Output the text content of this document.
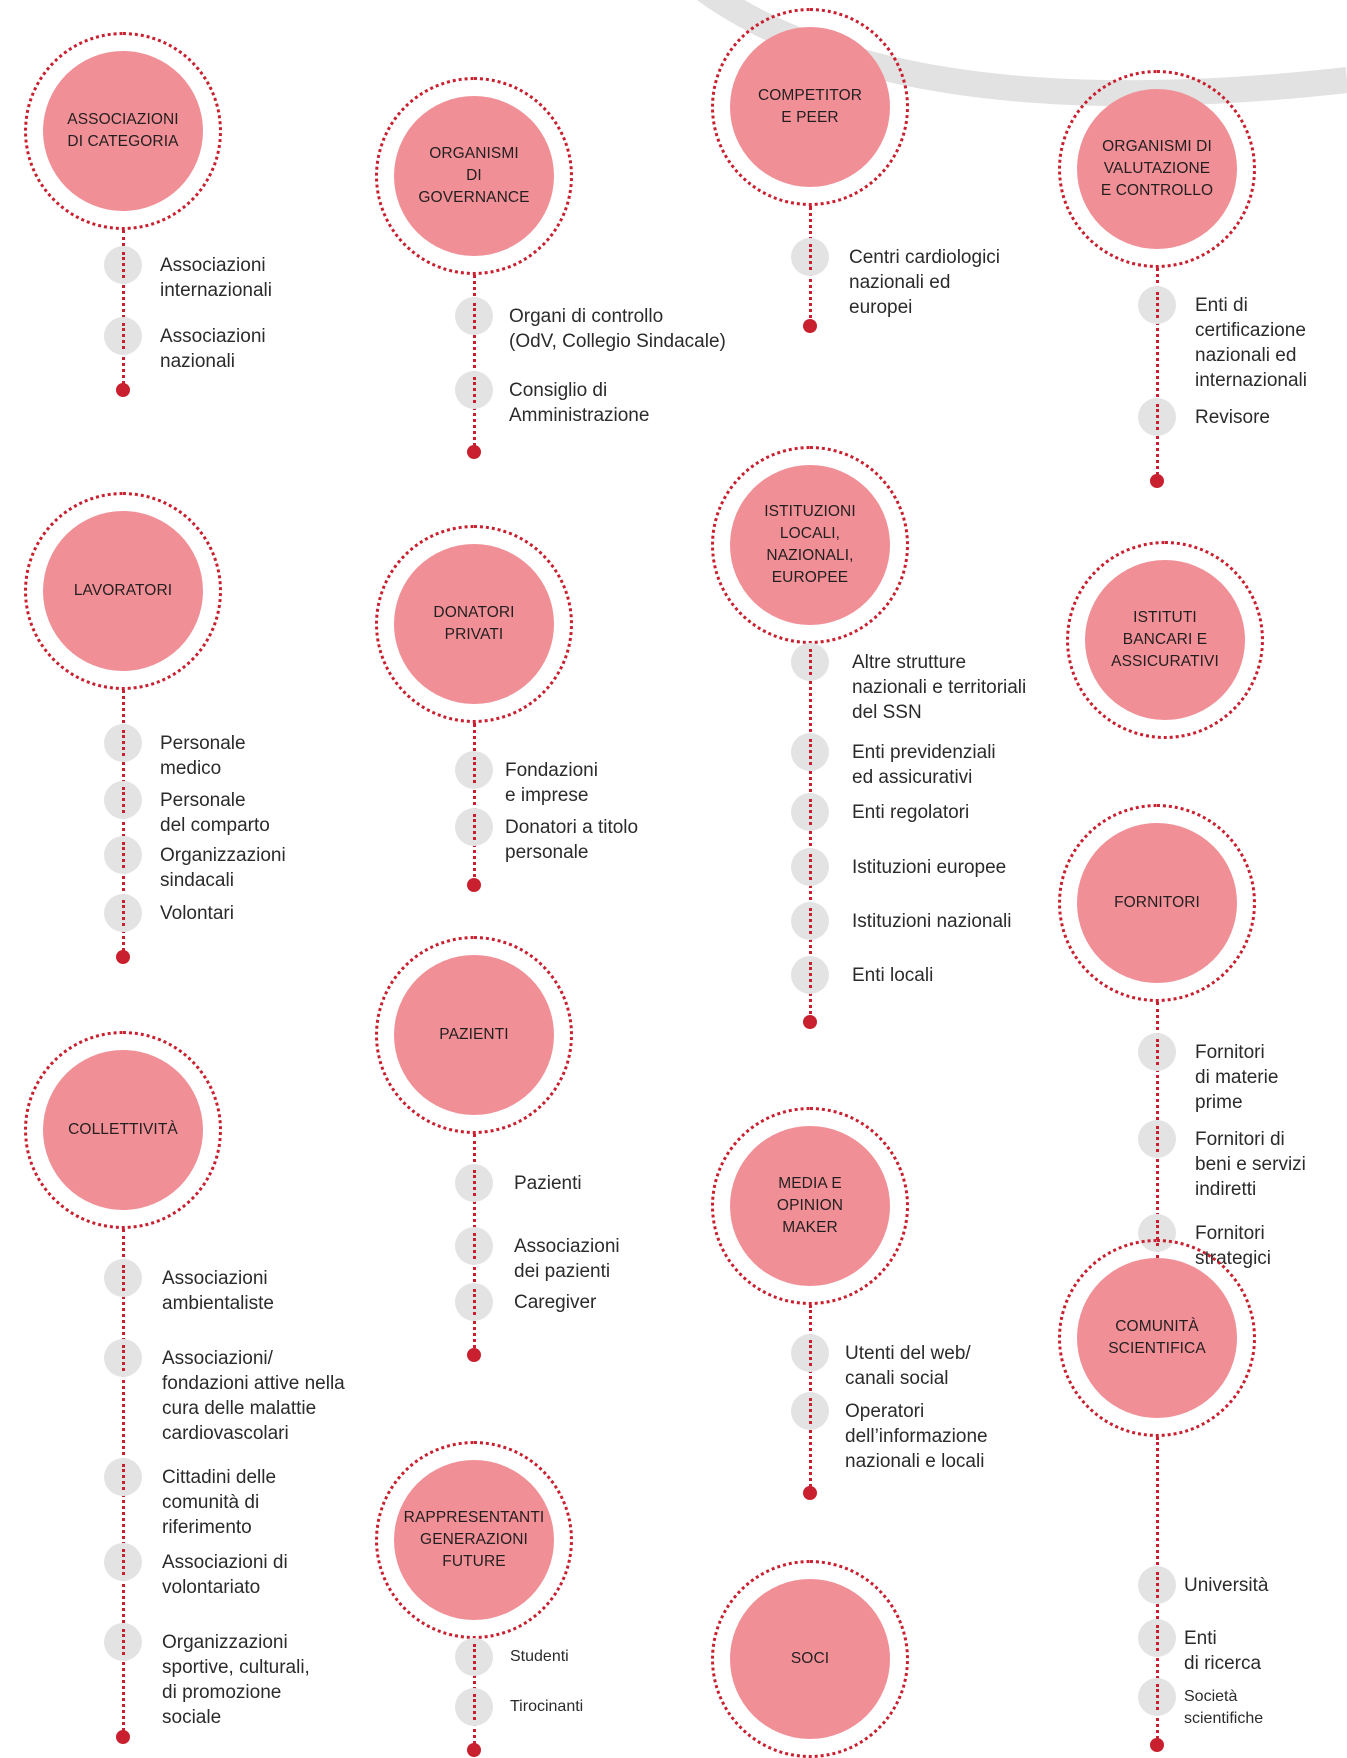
ASSOCIAZIONI
DI CATEGORIA
Associazioni
internazionali
Associazioni
nazionali
ORGANISMI
DI
GOVERNANCE
Organi di controllo
(OdV, Collegio Sindacale)
Consiglio di
Amministrazione
COMPETITOR
E PEER
Centri cardiologici
nazionali ed
europei
ORGANISMI DI
VALUTAZIONE
E CONTROLLO
Enti di
certificazione
nazionali ed
internazionali
Revisore
LAVORATORI
Personale
medico
Personale
del comparto
Organizzazioni
sindacali
Volontari
DONATORI
PRIVATI
Fondazioni
e imprese
Donatori a titolo
personale
ISTITUZIONI
LOCALI,
NAZIONALI,
EUROPEE
Altre strutture
nazionali e territoriali
del SSN
Enti previdenziali
ed assicurativi
Enti regolatori
Istituzioni europee
Istituzioni nazionali
Enti locali
ISTITUTI
BANCARI E
ASSICURATIVI
FORNITORI
Fornitori
di materie
prime
Fornitori di
beni e servizi
indiretti
Fornitori
strategici
COLLETTIVITÀ
Associazioni
ambientaliste
Associazioni/
fondazioni attive nella
cura delle malattie
cardiovascolari
Cittadini delle
comunità di
riferimento
Associazioni di
volontariato
Organizzazioni
sportive, culturali,
di promozione
sociale
PAZIENTI
Pazienti
Associazioni
dei pazienti
Caregiver
MEDIA E
OPINION
MAKER
Utenti del web/
canali social
Operatori
dell’informazione
nazionali e locali
COMUNITÀ
SCIENTIFICA
Università
Enti
di ricerca
Società
scientifiche
RAPPRESENTANTI
GENERAZIONI
FUTURE
Studenti
Tirocinanti
SOCI
